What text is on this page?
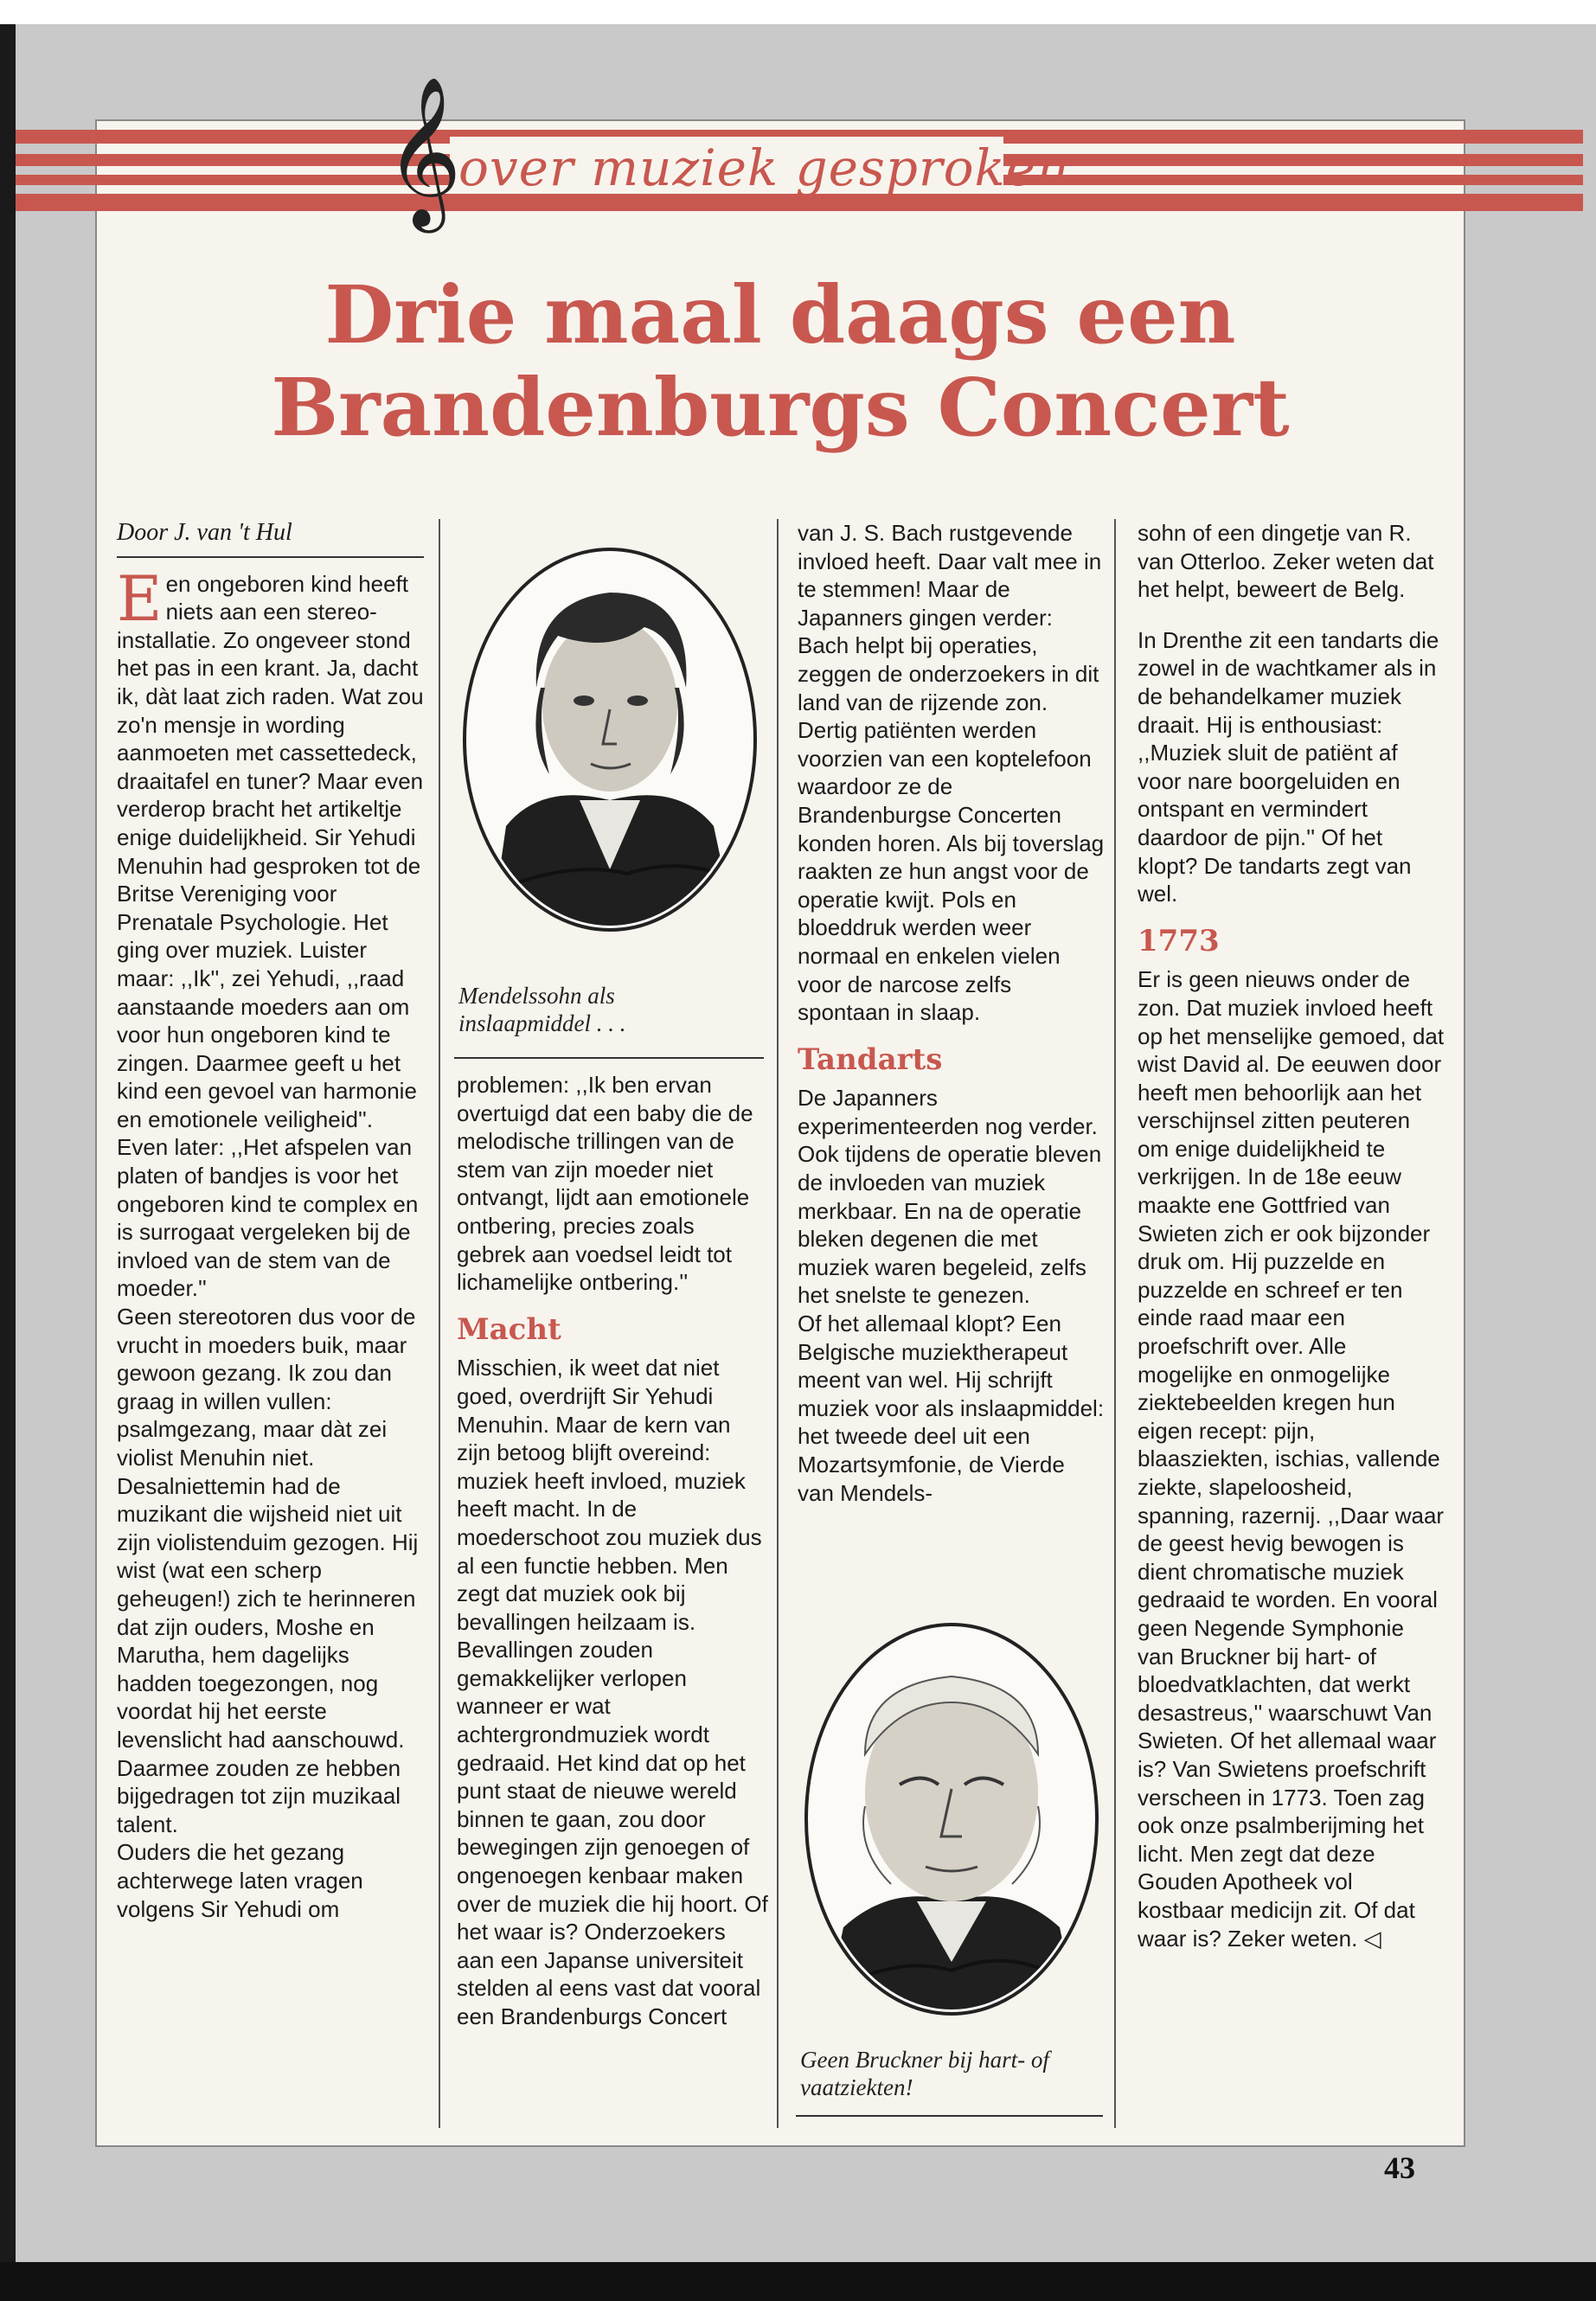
𝄞
over muziek gesproken
Drie maal daags een
Brandenburgs Concert
Door J. van 't Hul

Een ongeboren kind heeft niets aan een stereo-installatie. Zo ongeveer stond het pas in een krant. Ja, dacht ik, dàt laat zich raden. Wat zou zo'n mensje in wording aanmoeten met cassettedeck, draaitafel en tuner? Maar even verderop bracht het artikeltje enige duidelijkheid. Sir Yehudi Menuhin had gesproken tot de Britse Vereniging voor Prenatale Psychologie. Het ging over muziek. Luister maar: ,,Ik'', zei Yehudi, ,,raad aanstaande moeders aan om voor hun ongeboren kind te zingen. Daarmee geeft u het kind een gevoel van harmonie en emotionele veiligheid''. Even later: ,,Het afspelen van platen of bandjes is voor het ongeboren kind te complex en is surrogaat vergeleken bij de invloed van de stem van de moeder.''

Geen stereotoren dus voor de vrucht in moeders buik, maar gewoon gezang. Ik zou dan graag in willen vullen: psalmgezang, maar dàt zei violist Menuhin niet. Desalniettemin had de muzikant die wijsheid niet uit zijn violistenduim gezogen. Hij wist (wat een scherp geheugen!) zich te herinneren dat zijn ouders, Moshe en Marutha, hem dagelijks hadden toegezongen, nog voordat hij het eerste levenslicht had aanschouwd. Daarmee zouden ze hebben bijgedragen tot zijn muzikaal talent.

Ouders die het gezang achterwege laten vragen volgens Sir Yehudi om

Mendelssohn als inslaapmiddel . . .

problemen: ,,Ik ben ervan overtuigd dat een baby die de melodische trillingen van de stem van zijn moeder niet ontvangt, lijdt aan emotionele ontbering, precies zoals gebrek aan voedsel leidt tot lichamelijke ontbering.''

Macht

Misschien, ik weet dat niet goed, overdrijft Sir Yehudi Menuhin. Maar de kern van zijn betoog blijft overeind: muziek heeft invloed, muziek heeft macht. In de moederschoot zou muziek dus al een functie hebben. Men zegt dat muziek ook bij bevallingen heilzaam is. Bevallingen zouden gemakkelijker verlopen wanneer er wat achtergrondmuziek wordt gedraaid. Het kind dat op het punt staat de nieuwe wereld binnen te gaan, zou door bewegingen zijn genoegen of ongenoegen kenbaar maken over de muziek die hij hoort. Of het waar is? Onderzoekers aan een Japanse universiteit stelden al eens vast dat vooral een Brandenburgs Concert

van J. S. Bach rustgevende invloed heeft. Daar valt mee in te stemmen! Maar de Japanners gingen verder: Bach helpt bij operaties, zeggen de onderzoekers in dit land van de rijzende zon. Dertig patiënten werden voorzien van een koptelefoon waardoor ze de Brandenburgse Concerten konden horen. Als bij toverslag raakten ze hun angst voor de operatie kwijt. Pols en bloeddruk werden weer normaal en enkelen vielen voor de narcose zelfs spontaan in slaap.

Tandarts

De Japanners experimenteerden nog verder. Ook tijdens de operatie bleven de invloeden van muziek merkbaar. En na de operatie bleken degenen die met muziek waren begeleid, zelfs het snelste te genezen.

Of het allemaal klopt? Een Belgische muziektherapeut meent van wel. Hij schrijft muziek voor als inslaapmiddel: het tweede deel uit een Mozartsymfonie, de Vierde van Mendels-

Geen Bruckner bij hart- of vaatziekten!

sohn of een dingetje van R. van Otterloo. Zeker weten dat het helpt, beweert de Belg.

In Drenthe zit een tandarts die zowel in de wachtkamer als in de behandelkamer muziek draait. Hij is enthousiast: ,,Muziek sluit de patiënt af voor nare boorgeluiden en ontspant en vermindert daardoor de pijn.'' Of het klopt? De tandarts zegt van wel.

1773

Er is geen nieuws onder de zon. Dat muziek invloed heeft op het menselijke gemoed, dat wist David al. De eeuwen door heeft men behoorlijk aan het verschijnsel zitten peuteren om enige duidelijkheid te verkrijgen. In de 18e eeuw maakte ene Gottfried van Swieten zich er ook bijzonder druk om. Hij puzzelde en puzzelde en schreef er ten einde raad maar een proefschrift over. Alle mogelijke en onmogelijke ziektebeelden kregen hun eigen recept: pijn, blaasziekten, ischias, vallende ziekte, slapeloosheid, spanning, razernij. ,,Daar waar de geest hevig bewogen is dient chromatische muziek gedraaid te worden. En vooral geen Negende Symphonie van Bruckner bij hart- of bloedvatklachten, dat werkt desastreus,'' waarschuwt Van Swieten. Of het allemaal waar is? Van Swietens proefschrift verscheen in 1773. Toen zag ook onze psalmberijming het licht. Men zegt dat deze Gouden Apotheek vol kostbaar medicijn zit. Of dat waar is? Zeker weten. ◁

43
